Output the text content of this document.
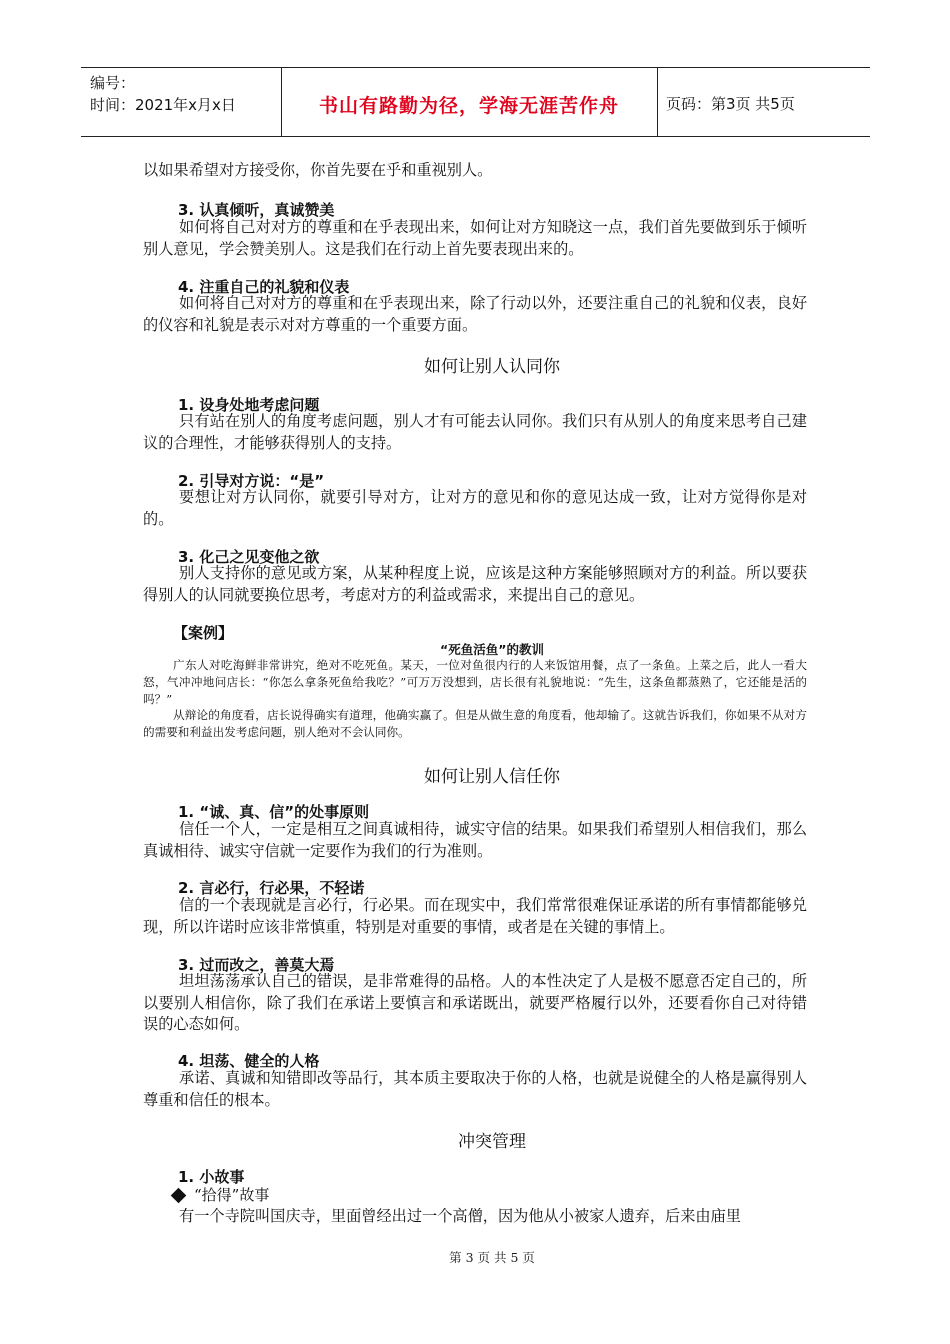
编号：
时间：2021年x月x日	书山有路勤为径，学海无涯苦作舟	页码：第3页 共5页

以如果希望对方接受你，你首先要在乎和重视别人。

3. 认真倾听，真诚赞美

如何将自己对对方的尊重和在乎表现出来，如何让对方知晓这一点，我们首先要做到乐于倾听别人意见，学会赞美别人。这是我们在行动上首先要表现出来的。

4. 注重自己的礼貌和仪表

如何将自己对对方的尊重和在乎表现出来，除了行动以外，还要注重自己的礼貌和仪表，良好的仪容和礼貌是表示对对方尊重的一个重要方面。

如何让别人认同你

1. 设身处地考虑问题

只有站在别人的角度考虑问题，别人才有可能去认同你。我们只有从别人的角度来思考自己建议的合理性，才能够获得别人的支持。

2. 引导对方说：“是”

要想让对方认同你，就要引导对方，让对方的意见和你的意见达成一致，让对方觉得你是对的。

3. 化己之见变他之欲

别人支持你的意见或方案，从某种程度上说，应该是这种方案能够照顾对方的利益。所以要获得别人的认同就要换位思考，考虑对方的利益或需求，来提出自己的意见。

【案例】

“死鱼活鱼”的教训

广东人对吃海鲜非常讲究，绝对不吃死鱼。某天，一位对鱼很内行的人来饭馆用餐，点了一条鱼。上菜之后，此人一看大怒，气冲冲地问店长：“你怎么拿条死鱼给我吃？”可万万没想到，店长很有礼貌地说：“先生，这条鱼都蒸熟了，它还能是活的吗？”

从辩论的角度看，店长说得确实有道理，他确实赢了。但是从做生意的角度看，他却输了。这就告诉我们，你如果不从对方的需要和利益出发考虑问题，别人绝对不会认同你。

如何让别人信任你

1. “诚、真、信”的处事原则

信任一个人，一定是相互之间真诚相待，诚实守信的结果。如果我们希望别人相信我们，那么真诚相待、诚实守信就一定要作为我们的行为准则。

2. 言必行，行必果，不轻诺

信的一个表现就是言必行，行必果。而在现实中，我们常常很难保证承诺的所有事情都能够兑现，所以许诺时应该非常慎重，特别是对重要的事情，或者是在关键的事情上。

3. 过而改之，善莫大焉

坦坦荡荡承认自己的错误，是非常难得的品格。人的本性决定了人是极不愿意否定自己的，所以要别人相信你，除了我们在承诺上要慎言和承诺既出，就要严格履行以外，还要看你自己对待错误的心态如何。

4. 坦荡、健全的人格

承诺、真诚和知错即改等品行，其本质主要取决于你的人格，也就是说健全的人格是赢得别人尊重和信任的根本。

冲突管理

1. 小故事

“拾得”故事

有一个寺院叫国庆寺，里面曾经出过一个高僧，因为他从小被家人遗弃，后来由庙里

第 3 页 共 5 页
